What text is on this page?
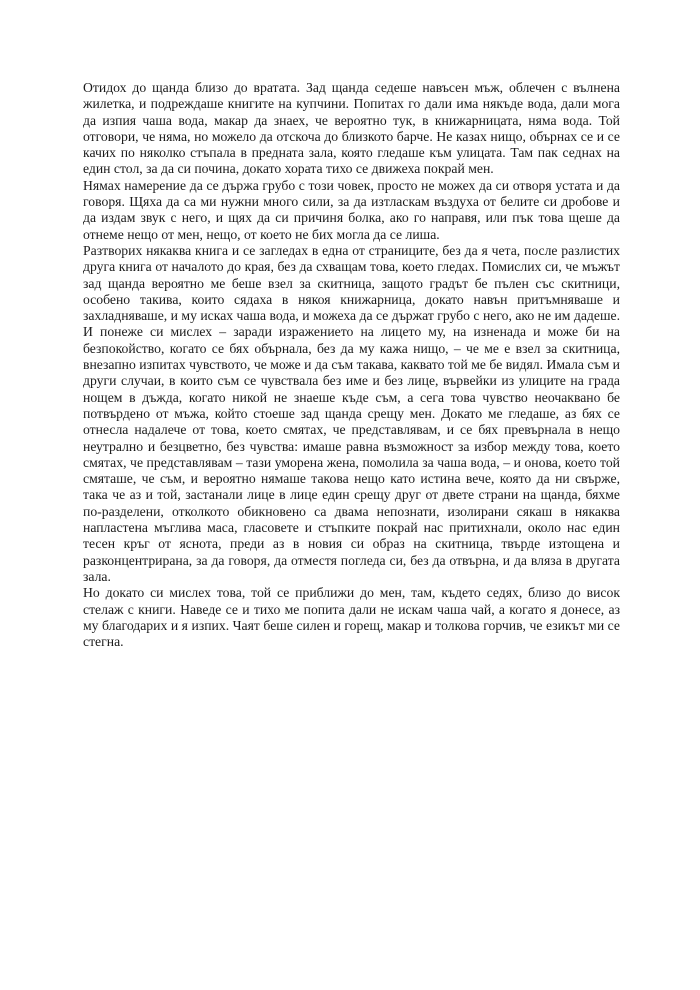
Отидох до щанда близо до вратата. Зад щанда седеше навъсен мъж, облечен с вълнена жилетка, и подреждаше книгите на купчини. Попитах го дали има някъде вода, дали мога да изпия чаша вода, макар да знаех, че вероятно тук, в книжарницата, няма вода. Той отговори, че няма, но можело да отскоча до близкото барче. Не казах нищо, обърнах се и се качих по няколко стъпала в предната зала, която гледаше към улицата. Там пак седнах на един стол, за да си почина, докато хората тихо се движеха покрай мен.

Нямах намерение да се държа грубо с този човек, просто не можех да си отворя устата и да говоря. Щяха да са ми нужни много сили, за да изтласкам въздуха от белите си дробове и да издам звук с него, и щях да си причиня болка, ако го направя, или пък това щеше да отнеме нещо от мен, нещо, от което не бих могла да се лиша.

Разтворих някаква книга и се загледах в една от страниците, без да я чета, после разлистих друга книга от началото до края, без да схващам това, което гледах. Помислих си, че мъжът зад щанда вероятно ме беше взел за скитница, защото градът бе пълен със скитници, особено такива, които сядаха в някоя книжарница, докато навън притъмняваше и захладняваше, и му исках чаша вода, и можеха да се държат грубо с него, ако не им дадеше. И понеже си мислех – заради изражението на лицето му, на изненада и може би на безпокойство, когато се бях обърнала, без да му кажа нищо, – че ме е взел за скитница, внезапно изпитах чувството, че може и да съм такава, каквато той ме бе видял. Имала съм и други случаи, в които съм се чувствала без име и без лице, вървейки из улиците на града нощем в дъжда, когато никой не знаеше къде съм, а сега това чувство неочаквано бе потвърдено от мъжа, който стоеше зад щанда срещу мен. Докато ме гледаше, аз бях се отнесла надалече от това, което смятах, че представлявам, и се бях превърнала в нещо неутрално и безцветно, без чувства: имаше равна възможност за избор между това, което смятах, че представлявам – тази уморена жена, помолила за чаша вода, – и онова, което той смяташе, че съм, и вероятно нямаше такова нещо като истина вече, която да ни свърже, така че аз и той, застанали лице в лице един срещу друг от двете страни на щанда, бяхме по-разделени, отколкото обикновено са двама непознати, изолирани сякаш в някаква напластена мъглива маса, гласовете и стъпките покрай нас притихнали, около нас един тесен кръг от яснота, преди аз в новия си образ на скитница, твърде изтощена и разконцентрирана, за да говоря, да отместя погледа си, без да отвърна, и да вляза в другата зала.

Но докато си мислех това, той се приближи до мен, там, където седях, близо до висок стелаж с книги. Наведе се и тихо ме попита дали не искам чаша чай, а когато я донесе, аз му благодарих и я изпих. Чаят беше силен и горещ, макар и толкова горчив, че езикът ми се стегна.
